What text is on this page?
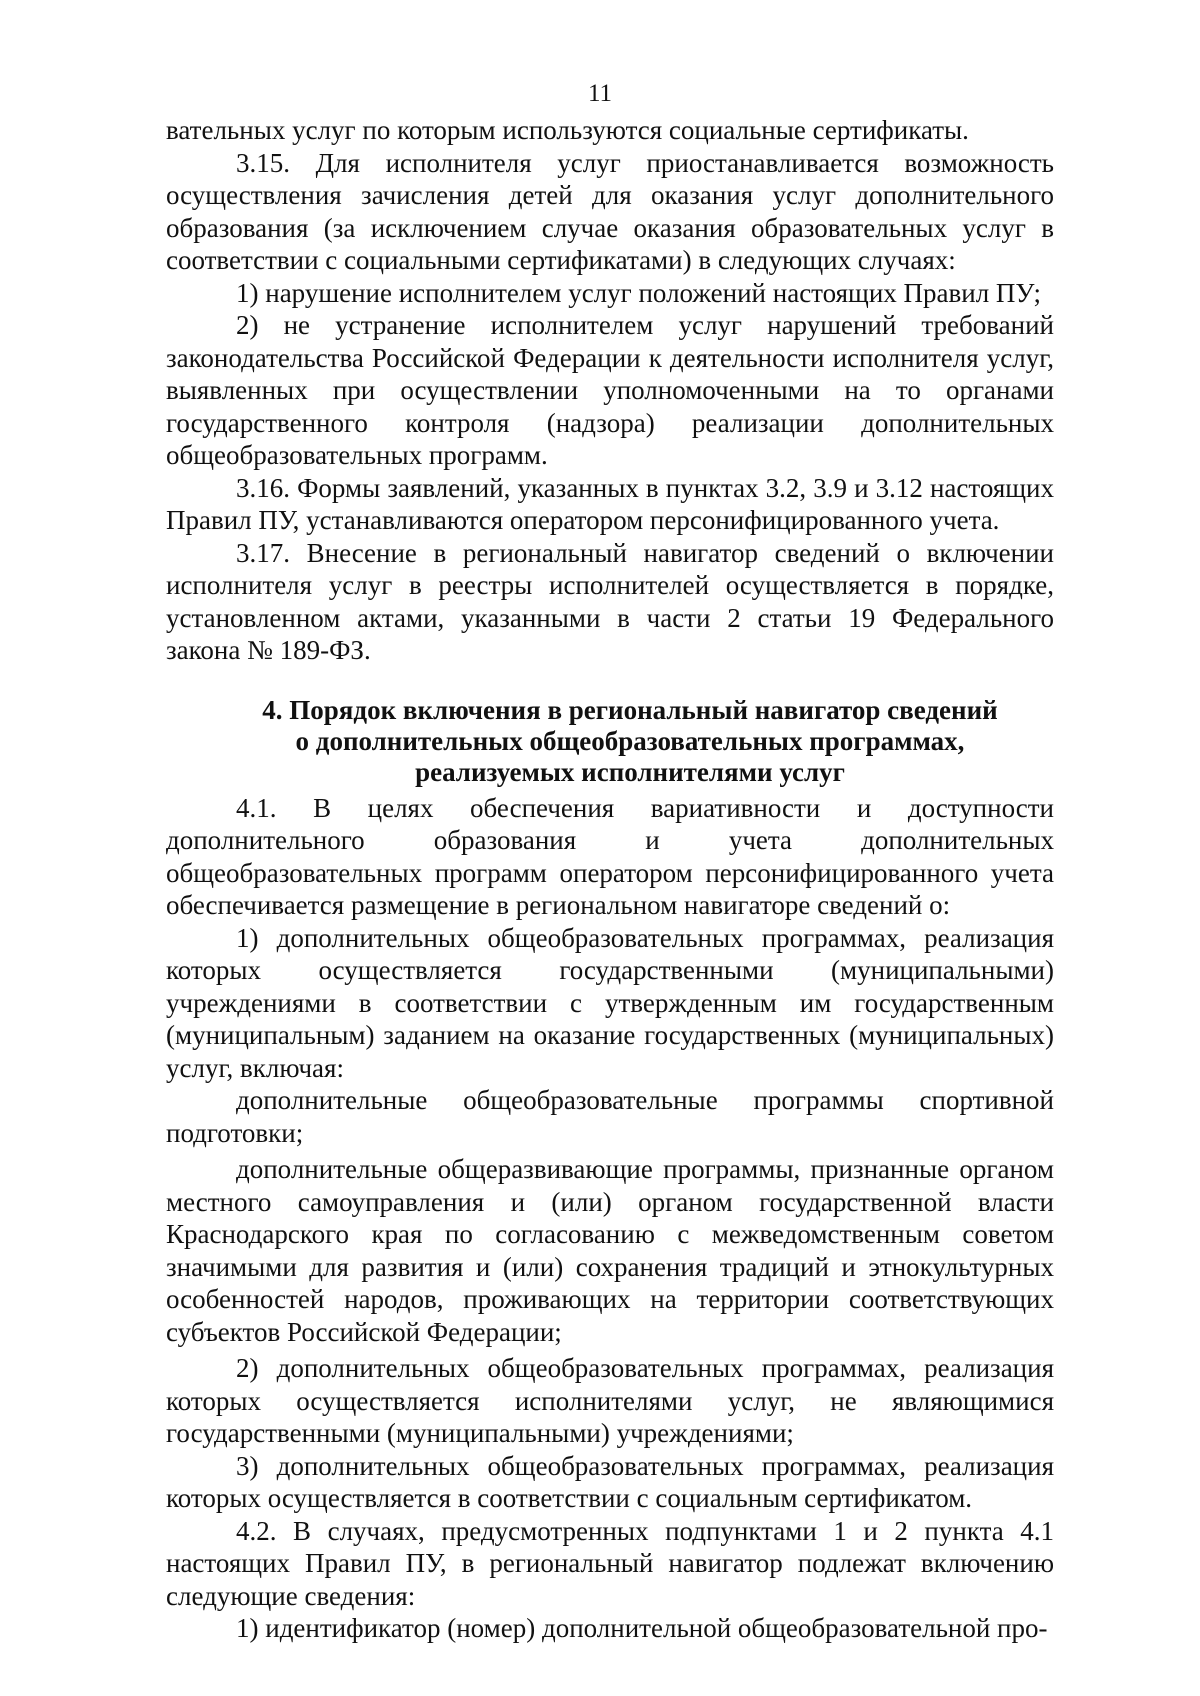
11

вательных услуг по которым используются социальные сертификаты.

3.15. Для исполнителя услуг приостанавливается возможность осуществления зачисления детей для оказания услуг дополнительного образования (за исключением случае оказания образовательных услуг в соответствии с социальными сертификатами) в следующих случаях:

1) нарушение исполнителем услуг положений настоящих Правил ПУ;

2) не устранение исполнителем услуг нарушений требований законодательства Российской Федерации к деятельности исполнителя услуг, выявленных при осуществлении уполномоченными на то органами государственного контроля (надзора) реализации дополнительных общеобразовательных программ.

3.16. Формы заявлений, указанных в пунктах 3.2, 3.9 и 3.12 настоящих Правил ПУ, устанавливаются оператором персонифицированного учета.

3.17. Внесение в региональный навигатор сведений о включении исполнителя услуг в реестры исполнителей осуществляется в порядке, установленном актами, указанными в части 2 статьи 19 Федерального закона № 189-ФЗ.

4. Порядок включения в региональный навигатор сведений
о дополнительных общеобразовательных программах,
реализуемых исполнителями услуг

4.1. В целях обеспечения вариативности и доступности дополнительного образования и учета дополнительных общеобразовательных программ оператором персонифицированного учета обеспечивается размещение в региональном навигаторе сведений о:

1) дополнительных общеобразовательных программах, реализация которых осуществляется государственными (муниципальными) учреждениями в соответствии с утвержденным им государственным (муниципальным) заданием на оказание государственных (муниципальных) услуг, включая:

дополнительные общеобразовательные программы спортивной подготовки;

дополнительные общеразвивающие программы, признанные органом местного самоуправления и (или) органом государственной власти Краснодарского края по согласованию с межведомственным советом значимыми для развития и (или) сохранения традиций и этнокультурных особенностей народов, проживающих на территории соответствующих субъектов Российской Федерации;

2) дополнительных общеобразовательных программах, реализация которых осуществляется исполнителями услуг, не являющимися государственными (муниципальными) учреждениями;

3) дополнительных общеобразовательных программах, реализация которых осуществляется в соответствии с социальным сертификатом.

4.2. В случаях, предусмотренных подпунктами 1 и 2 пункта 4.1 настоящих Правил ПУ, в региональный навигатор подлежат включению следующие сведения:

1) идентификатор (номер) дополнительной общеобразовательной про-
